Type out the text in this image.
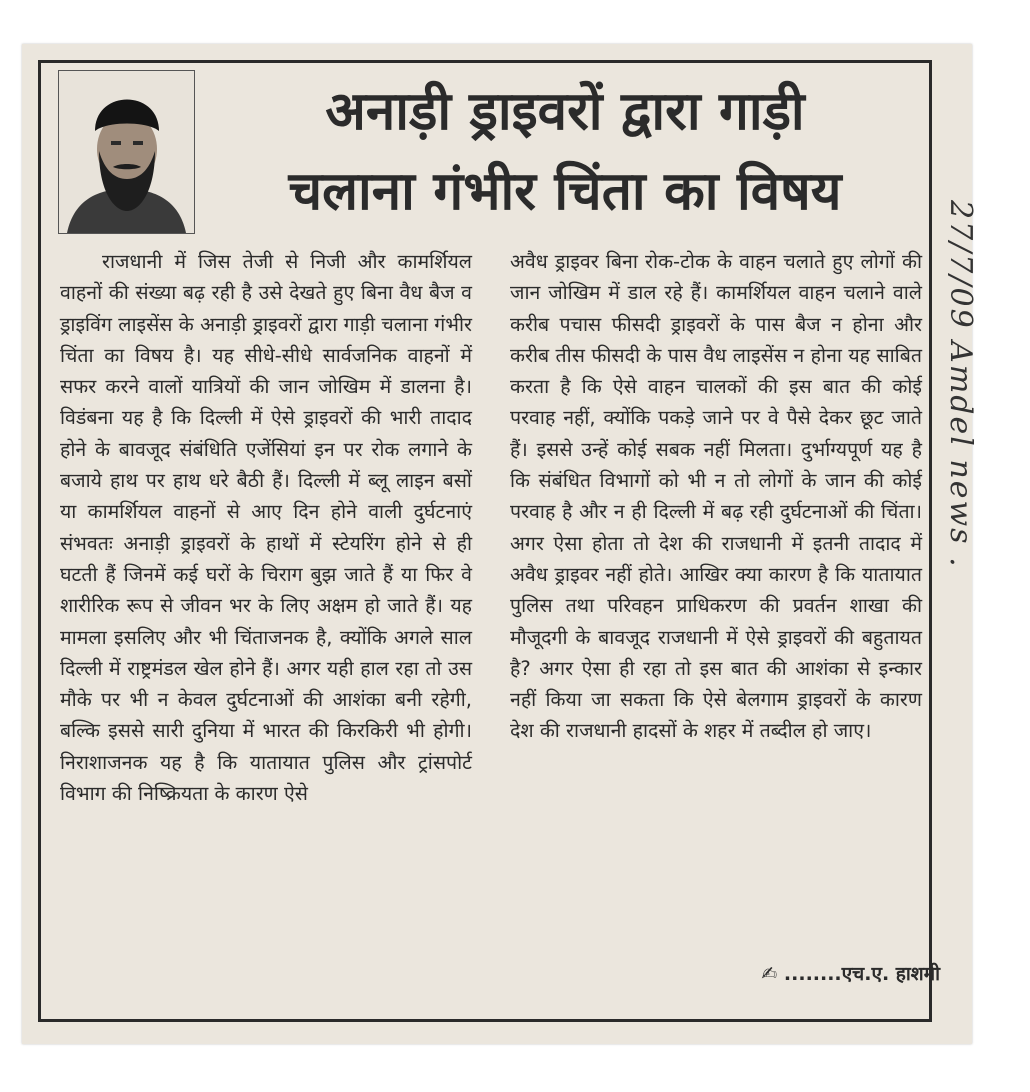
अनाड़ी ड्राइवरों द्वारा गाड़ी
चलाना गंभीर चिंता का विषय

राजधानी में जिस तेजी से निजी और कामर्शियल वाहनों की संख्या बढ़ रही है उसे देखते हुए बिना वैध बैज व ड्राइविंग लाइसेंस के अनाड़ी ड्राइवरों द्वारा गाड़ी चलाना गंभीर चिंता का विषय है। यह सीधे-सीधे सार्वजनिक वाहनों में सफर करने वालों यात्रियों की जान जोखिम में डालना है। विडंबना यह है कि दिल्ली में ऐसे ड्राइवरों की भारी तादाद होने के बावजूद संबंधिति एजेंसियां इन पर रोक लगाने के बजाये हाथ पर हाथ धरे बैठी हैं। दिल्ली में ब्लू लाइन बसों या कामर्शियल वाहनों से आए दिन होने वाली दुर्घटनाएं संभवतः अनाड़ी ड्राइवरों के हाथों में स्टेयरिंग होने से ही घटती हैं जिनमें कई घरों के चिराग बुझ जाते हैं या फिर वे शारीरिक रूप से जीवन भर के लिए अक्षम हो जाते हैं। यह मामला इसलिए और भी चिंताजनक है, क्योंकि अगले साल दिल्ली में राष्ट्रमंडल खेल होने हैं। अगर यही हाल रहा तो उस मौके पर भी न केवल दुर्घटनाओं की आशंका बनी रहेगी, बल्कि इससे सारी दुनिया में भारत की किरकिरी भी होगी। निराशाजनक यह है कि यातायात पुलिस और ट्रांसपोर्ट विभाग की निष्क्रियता के कारण ऐसे

अवैध ड्राइवर बिना रोक-टोक के वाहन चलाते हुए लोगों की जान जोखिम में डाल रहे हैं। कामर्शियल वाहन चलाने वाले करीब पचास फीसदी ड्राइवरों के पास बैज न होना और करीब तीस फीसदी के पास वैध लाइसेंस न होना यह साबित करता है कि ऐसे वाहन चालकों की इस बात की कोई परवाह नहीं, क्योंकि पकड़े जाने पर वे पैसे देकर छूट जाते हैं। इससे उन्हें कोई सबक नहीं मिलता। दुर्भाग्यपूर्ण यह है कि संबंधित विभागों को भी न तो लोगों के जान की कोई परवाह है और न ही दिल्ली में बढ़ रही दुर्घटनाओं की चिंता। अगर ऐसा होता तो देश की राजधानी में इतनी तादाद में अवैध ड्राइवर नहीं होते। आखिर क्या कारण है कि यातायात पुलिस तथा परिवहन प्राधिकरण की प्रवर्तन शाखा की मौजूदगी के बावजूद राजधानी में ऐसे ड्राइवरों की बहुतायत है? अगर ऐसा ही रहा तो इस बात की आशंका से इन्कार नहीं किया जा सकता कि ऐसे बेलगाम ड्राइवरों के कारण देश की राजधानी हादसों के शहर में तब्दील हो जाए।

✍ ........एच.ए. हाशमी
27/7/09 Amdel news .
